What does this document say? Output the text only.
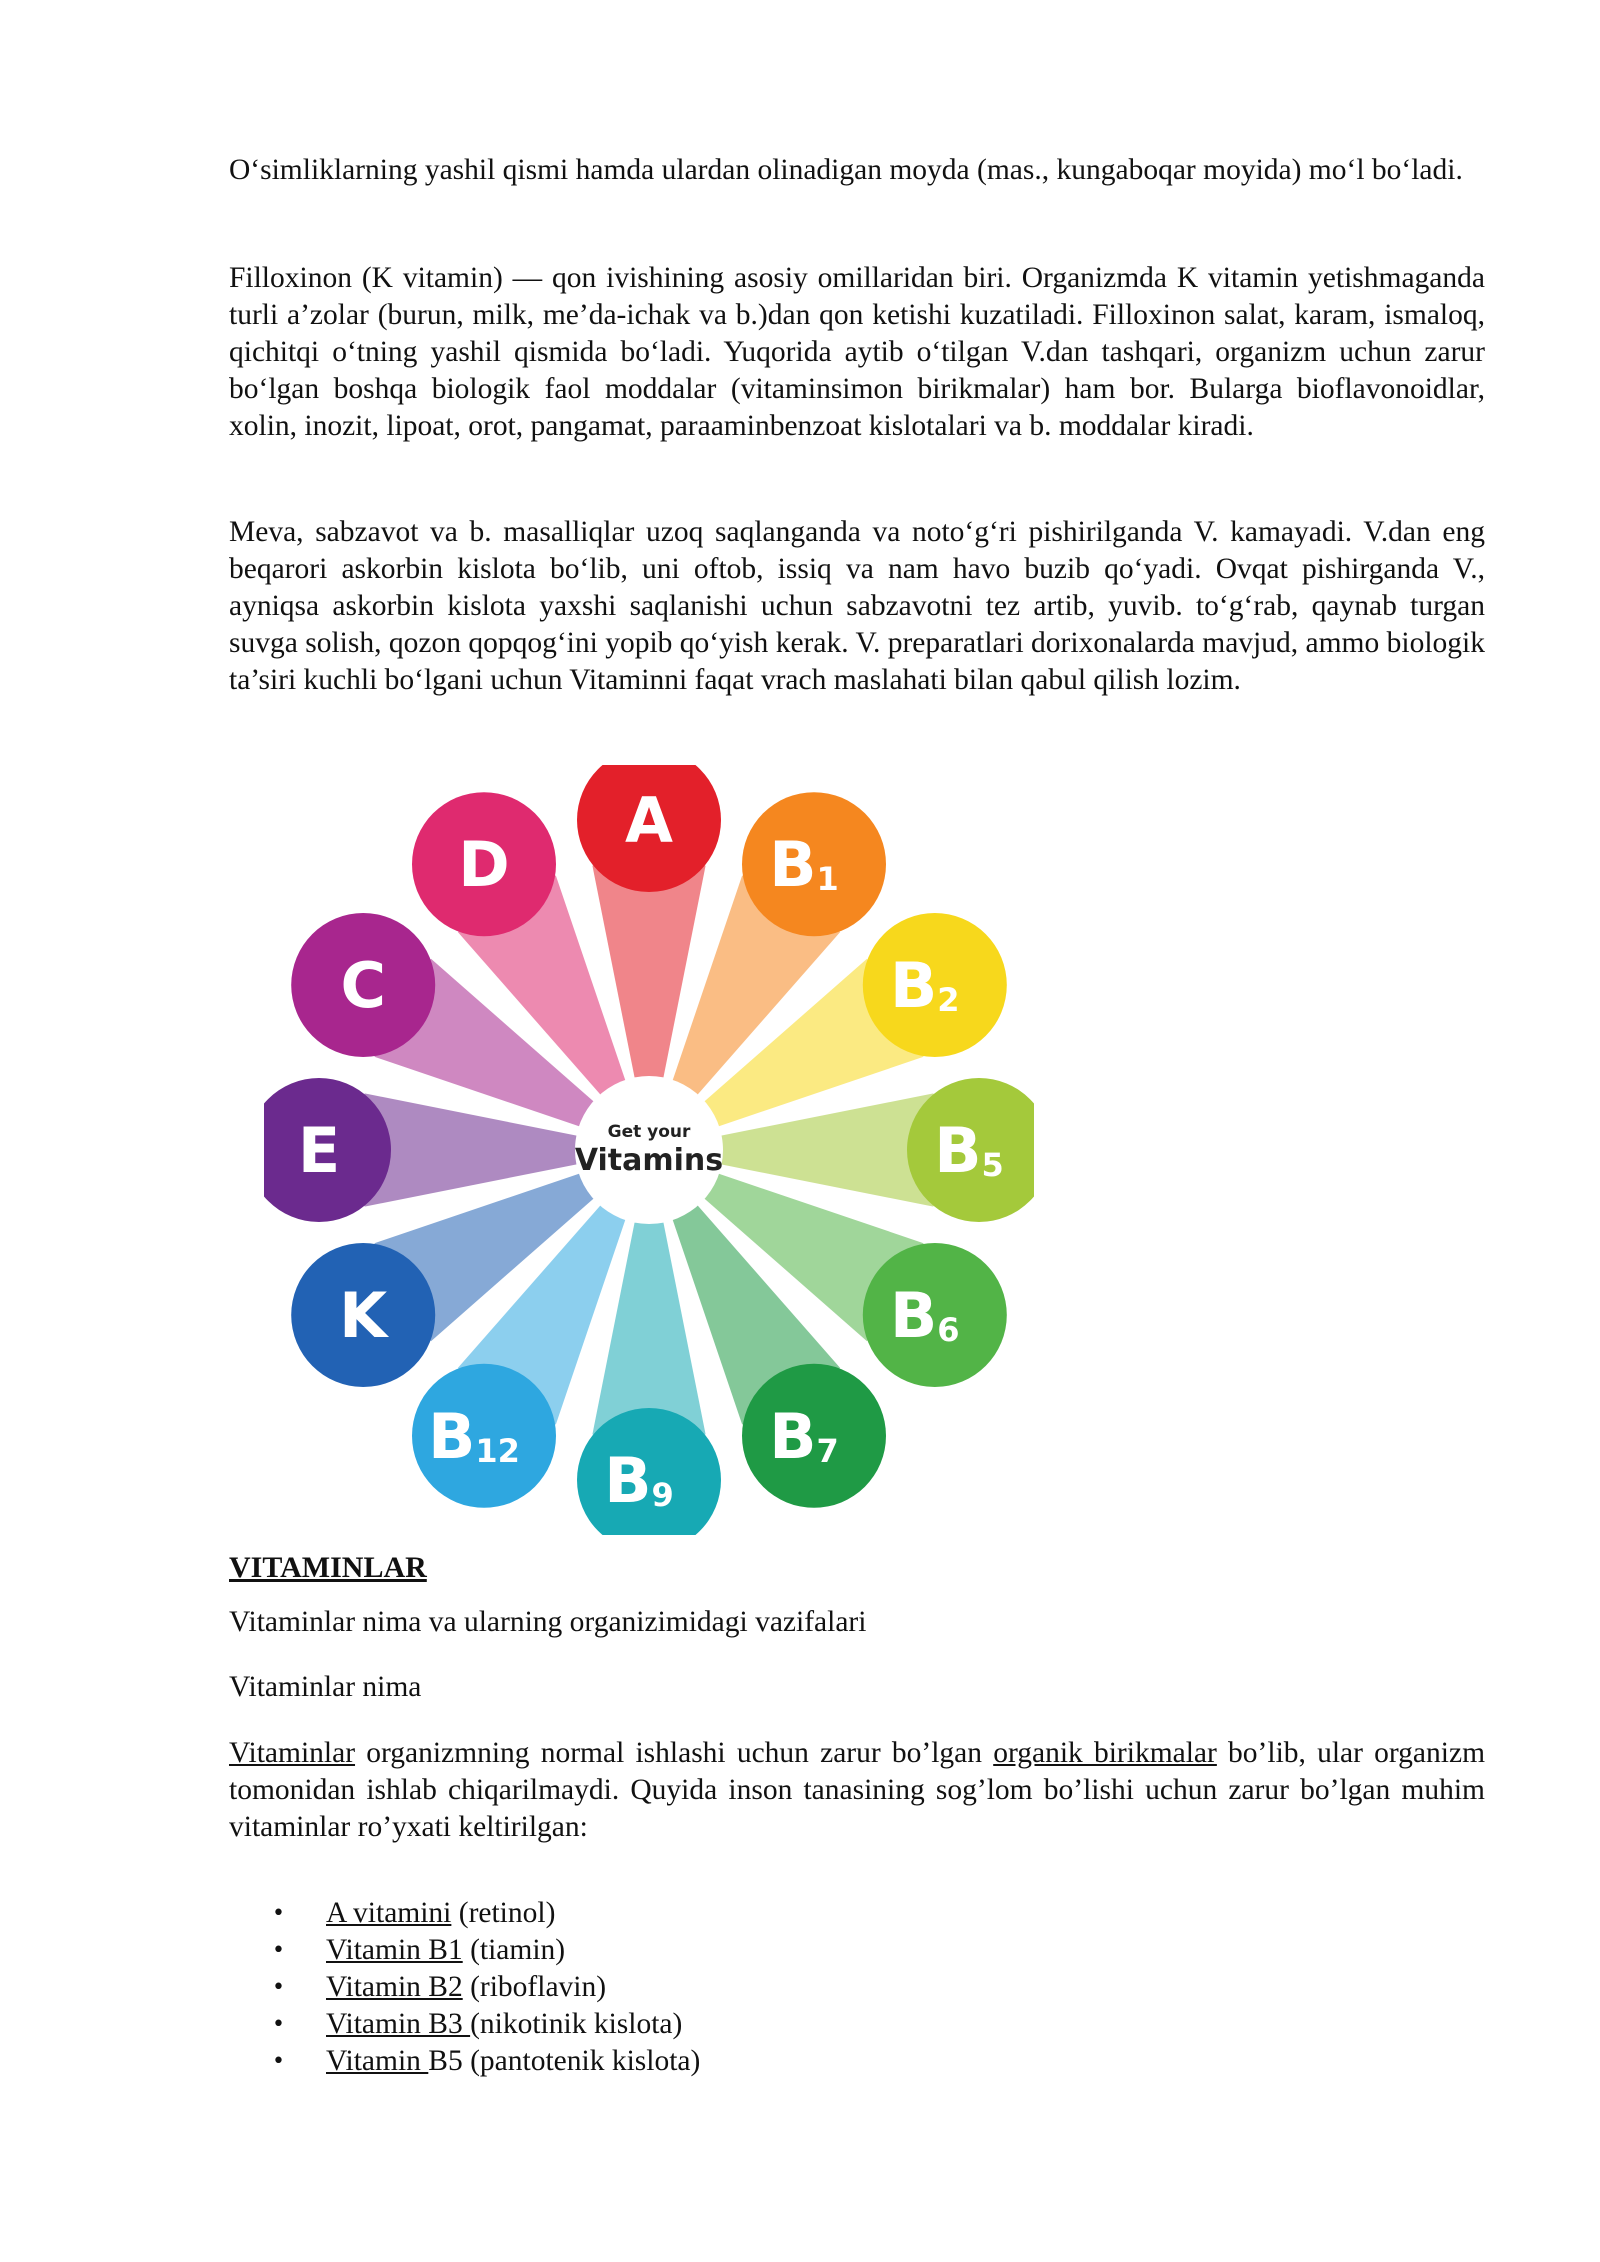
O‘simliklarning yashil qismi hamda ulardan olinadigan moyda (mas., kungaboqar moyida) mo‘l bo‘ladi.

Filloxinon (K vitamin) — qon ivishining asosiy omillaridan biri. Organizmda K vitamin yetishmaganda turli a’zolar (burun, milk, me’da-ichak va b.)dan qon ketishi kuzatiladi. Filloxinon salat, karam, ismaloq, qichitqi o‘tning yashil qismida bo‘ladi. Yuqorida aytib o‘tilgan V.dan tashqari, organizm uchun zarur bo‘lgan boshqa biologik faol moddalar (vitaminsimon birikmalar) ham bor. Bularga bioflavonoidlar, xolin, inozit, lipoat, orot, pangamat, paraaminbenzoat kislotalari va b. moddalar kiradi.

Meva, sabzavot va b. masalliqlar uzoq saqlanganda va noto‘g‘ri pishirilganda V. kamayadi. V.dan eng beqarori askorbin kislota bo‘lib, uni oftob, issiq va nam havo buzib qo‘yadi. Ovqat pishirganda V., ayniqsa askorbin kislota yaxshi saqlanishi uchun sabzavotni tez artib, yuvib. to‘g‘rab, qaynab turgan suvga solish, qozon qopqog‘ini yopib qo‘yish kerak. V. preparatlari dorixonalarda mavjud, ammo biologik ta’siri kuchli bo‘lgani uchun Vitaminni faqat vrach maslahati bilan qabul qilish lozim.

A
B1
B2
B5
B6
B7
B9
B12
K
E
C
D
Get your
Vitamins
VITAMINLAR

Vitaminlar nima va ularning organizimidagi vazifalari

Vitaminlar nima

Vitaminlar organizmning normal ishlashi uchun zarur bo’lgan organik birikmalar bo’lib, ular organizm tomonidan ishlab chiqarilmaydi. Quyida inson tanasining sog’lom bo’lishi uchun zarur bo’lgan muhim vitaminlar ro’yxati keltirilgan:

• A vitamini (retinol)
• Vitamin B1 (tiamin)
• Vitamin B2 (riboflavin)
• Vitamin B3 (nikotinik kislota)
• Vitamin B5 (pantotenik kislota)
